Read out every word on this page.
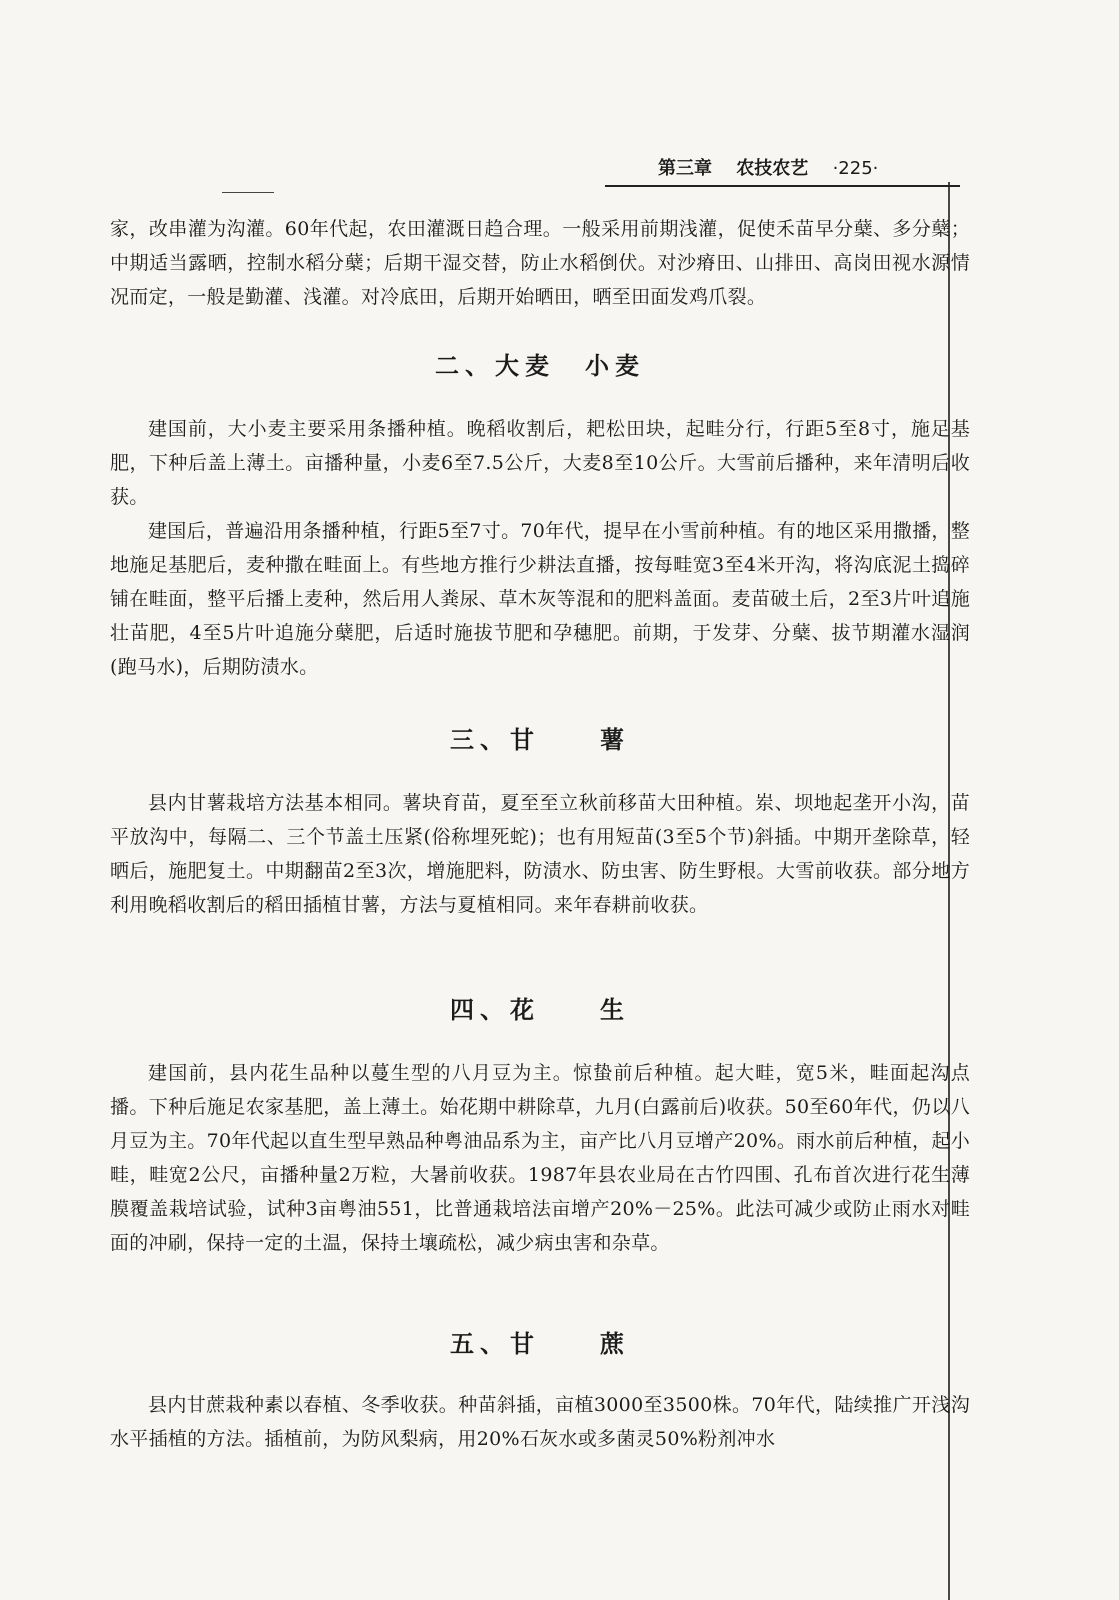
第三章 农技农艺 ·225·

家，改串灌为沟灌。60年代起，农田灌溉日趋合理。一般采用前期浅灌，促使禾苗早分蘖、多分蘖；中期适当露晒，控制水稻分蘖；后期干湿交替，防止水稻倒伏。对沙瘠田、山排田、高岗田视水源情况而定，一般是勤灌、浅灌。对冷底田，后期开始晒田，晒至田面发鸡爪裂。

二、大麦　小麦

建国前，大小麦主要采用条播种植。晚稻收割后，耙松田块，起畦分行，行距5至8寸，施足基肥，下种后盖上薄土。亩播种量，小麦6至7.5公斤，大麦8至10公斤。大雪前后播种，来年清明后收获。

建国后，普遍沿用条播种植，行距5至7寸。70年代，提早在小雪前种植。有的地区采用撒播，整地施足基肥后，麦种撒在畦面上。有些地方推行少耕法直播，按每畦宽3至4米开沟，将沟底泥土捣碎铺在畦面，整平后播上麦种，然后用人粪尿、草木灰等混和的肥料盖面。麦苗破土后，2至3片叶追施壮苗肥，4至5片叶追施分蘖肥，后适时施拔节肥和孕穗肥。前期，于发芽、分蘖、拔节期灌水湿润(跑马水)，后期防渍水。

三、甘　　薯

县内甘薯栽培方法基本相同。薯块育苗，夏至至立秋前移苗大田种植。岽、坝地起垄开小沟，苗平放沟中，每隔二、三个节盖土压紧(俗称埋死蛇)；也有用短苗(3至5个节)斜插。中期开垄除草，轻晒后，施肥复土。中期翻苗2至3次，增施肥料，防渍水、防虫害、防生野根。大雪前收获。部分地方利用晚稻收割后的稻田插植甘薯，方法与夏植相同。来年春耕前收获。

四、花　　生

建国前，县内花生品种以蔓生型的八月豆为主。惊蛰前后种植。起大畦，宽5米，畦面起沟点播。下种后施足农家基肥，盖上薄土。始花期中耕除草，九月(白露前后)收获。50至60年代，仍以八月豆为主。70年代起以直生型早熟品种粤油品系为主，亩产比八月豆增产20%。雨水前后种植，起小畦，畦宽2公尺，亩播种量2万粒，大暑前收获。1987年县农业局在古竹四围、孔布首次进行花生薄膜覆盖栽培试验，试种3亩粤油551，比普通栽培法亩增产20%－25%。此法可减少或防止雨水对畦面的冲刷，保持一定的土温，保持土壤疏松，减少病虫害和杂草。

五、甘　　蔗

县内甘蔗栽种素以春植、冬季收获。种苗斜插，亩植3000至3500株。70年代，陆续推广开浅沟水平插植的方法。插植前，为防风梨病，用20%石灰水或多菌灵50%粉剂冲水
